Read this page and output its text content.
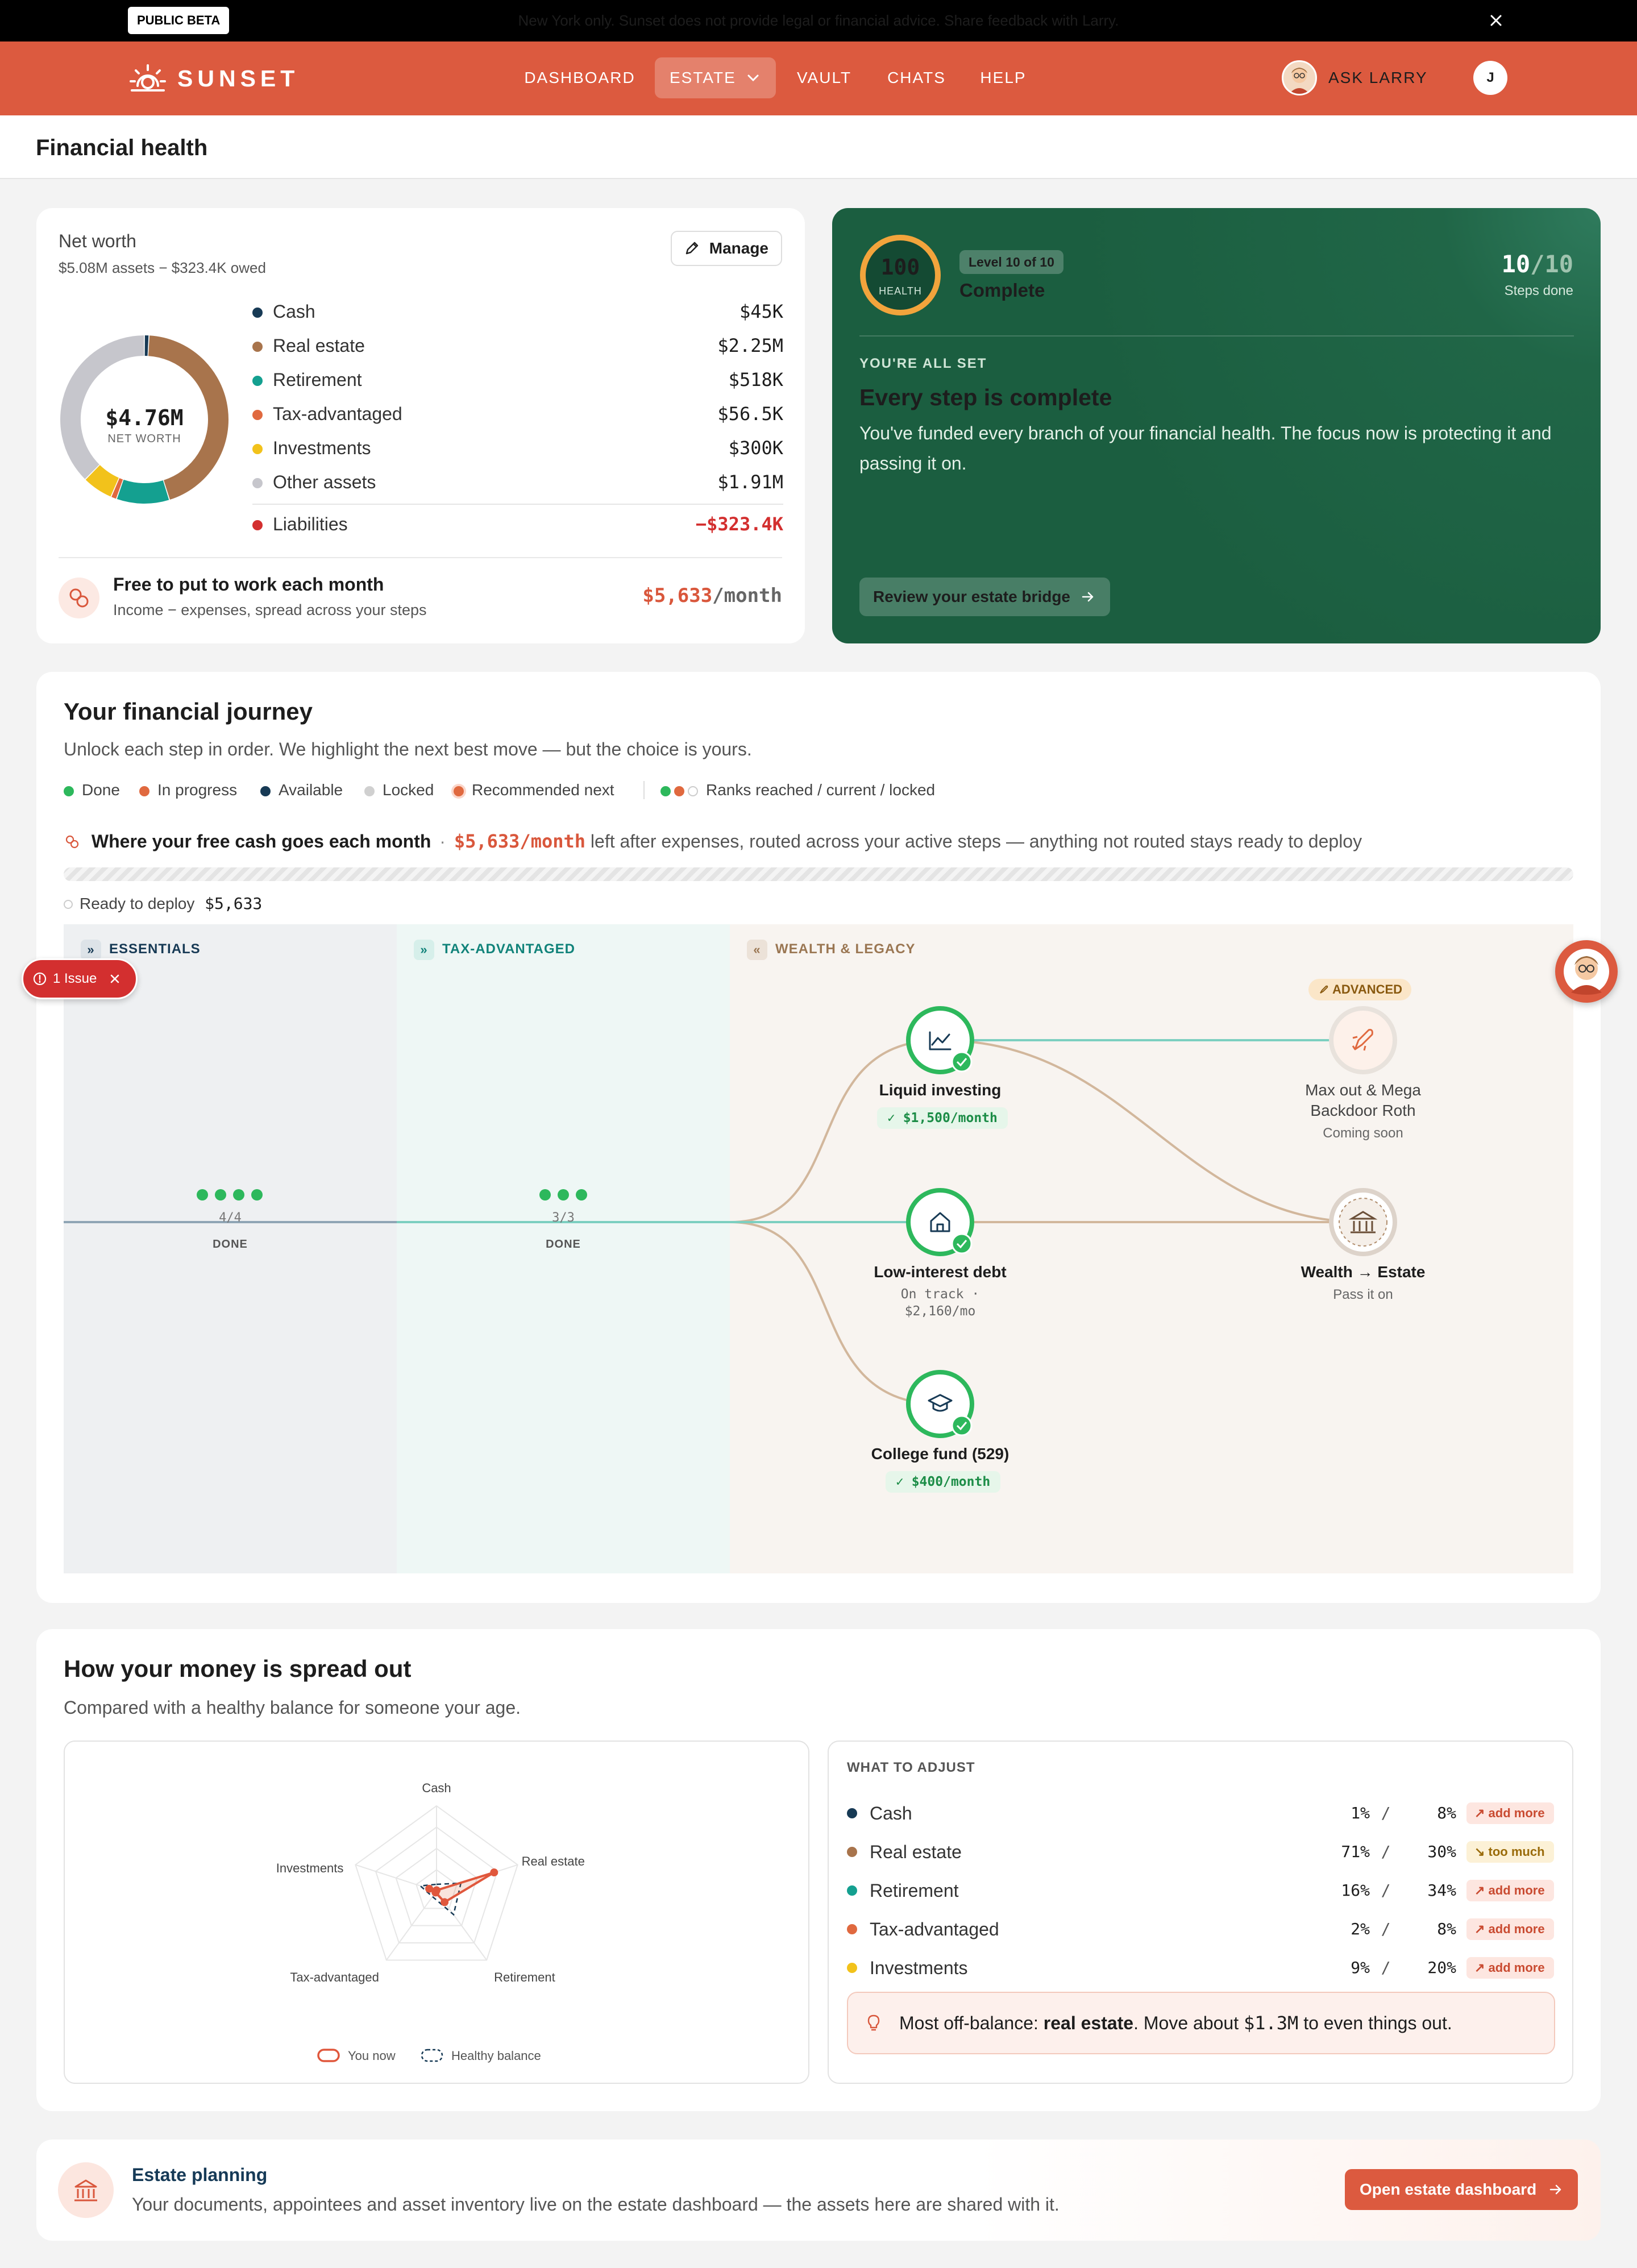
New York only. Sunset does not provide legal or financial advice. Share feedback with Larry.
PUBLIC BETA
SUNSET	DASHBOARD	ESTATE	VAULT	CHATS	HELP	ASK LARRY	J
Financial health
Net worth
$5.08M assets − $323.4K owed
Manage
$4.76M
NET WORTH
Cash	$45K
Real estate	$2.25M
Retirement	$518K
Tax-advantaged	$56.5K
Investments	$300K
Other assets	$1.91M
Liabilities	−$323.4K
Free to put to work each month
Income − expenses, spread across your steps
$5,633/month
100
HEALTH
Level 10 of 10
Complete
10/10
Steps done
YOU'RE ALL SET
Every step is complete
You've funded every branch of your financial health. The focus now is protecting it and passing it on.
Review your estate bridge
Your financial journey
Unlock each step in order. We highlight the next best move — but the choice is yours.
Done	In progress	Available	Locked	Recommended next	Ranks reached / current / locked
Where your free cash goes each month · $5,633/month left after expenses, routed across your active steps — anything not routed stays ready to deploy
Ready to deploy $5,633
» ESSENTIALS	» TAX-ADVANTAGED	« WEALTH & LEGACY
4/4
DONE
3/3
DONE
Liquid investing
✓ $1,500/month
Low-interest debt
On track ·
$2,160/mo
College fund (529)
✓ $400/month
ADVANCED
Max out & Mega
Backdoor Roth
Coming soon
Wealth → Estate
Pass it on
1 Issue
How your money is spread out
Compared with a healthy balance for someone your age.
Cash
Real estate
Retirement
Tax-advantaged
Investments
You now	Healthy balance
WHAT TO ADJUST
Cash	1% /	8%	↗ add more
Real estate	71% /	30%	↘ too much
Retirement	16% /	34%	↗ add more
Tax-advantaged	2% /	8%	↗ add more
Investments	9% /	20%	↗ add more
Most off-balance: real estate. Move about $1.3M to even things out.
Estate planning
Your documents, appointees and asset inventory live on the estate dashboard — the assets here are shared with it.
Open estate dashboard
